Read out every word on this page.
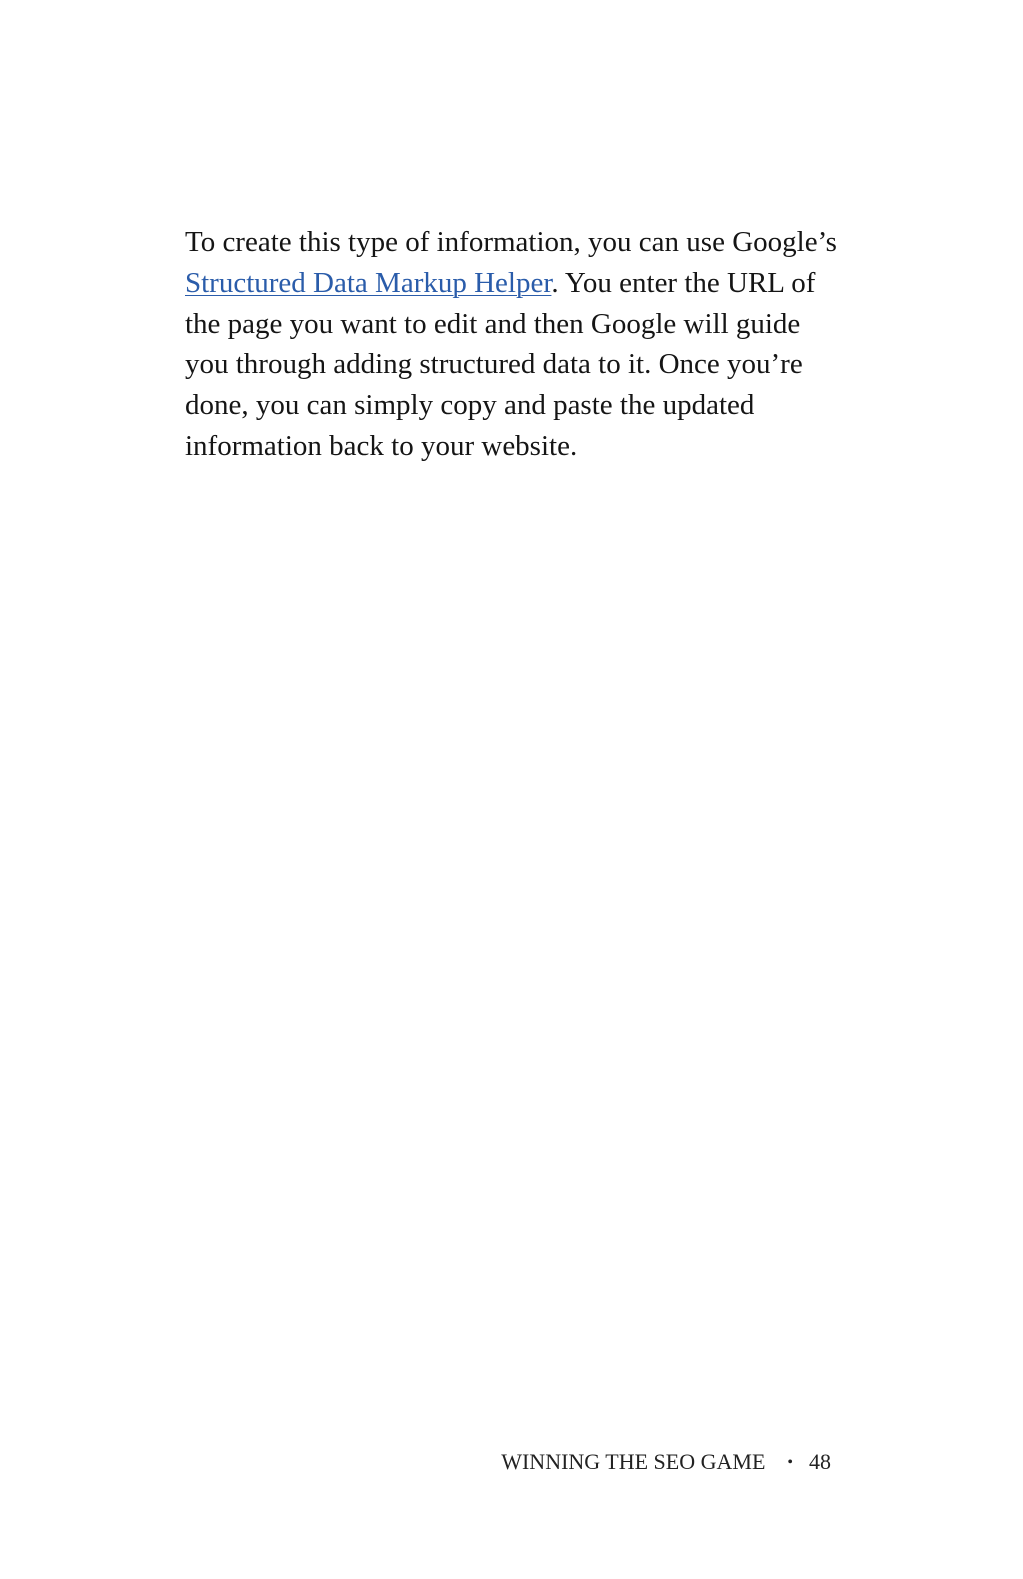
To create this type of information, you can use Google’s Structured Data Markup Helper. You enter the URL of the page you want to edit and then Google will guide you through adding structured data to it. Once you’re done, you can simply copy and paste the updated information back to your website.

WINNING THE SEO GAME • 48
